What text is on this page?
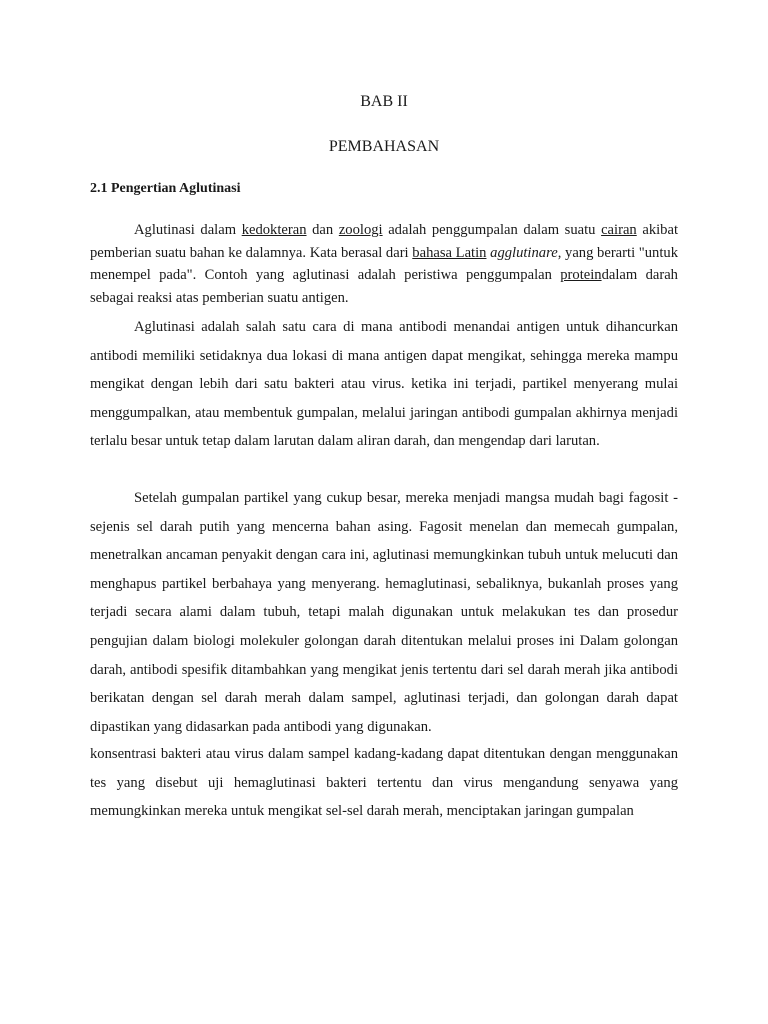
BAB II
PEMBAHASAN
2.1 Pengertian Aglutinasi

Aglutinasi dalam kedokteran dan zoologi adalah penggumpalan dalam suatu cairan akibat pemberian suatu bahan ke dalamnya. Kata berasal dari bahasa Latin agglutinare, yang berarti "untuk menempel pada". Contoh yang aglutinasi adalah peristiwa penggumpalan proteindalam darah sebagai reaksi atas pemberian suatu antigen.

Aglutinasi adalah salah satu cara di mana antibodi menandai antigen untuk dihancurkan antibodi memiliki setidaknya dua lokasi di mana antigen dapat mengikat, sehingga mereka mampu mengikat dengan lebih dari satu bakteri atau virus. ketika ini terjadi, partikel menyerang mulai menggumpalkan, atau membentuk gumpalan, melalui jaringan antibodi gumpalan akhirnya menjadi terlalu besar untuk tetap dalam larutan dalam aliran darah, dan mengendap dari larutan.

Setelah gumpalan partikel yang cukup besar, mereka menjadi mangsa mudah bagi fagosit - sejenis sel darah putih yang mencerna bahan asing. Fagosit menelan dan memecah gumpalan, menetralkan ancaman penyakit dengan cara ini, aglutinasi memungkinkan tubuh untuk melucuti dan menghapus partikel berbahaya yang menyerang. hemaglutinasi, sebaliknya, bukanlah proses yang terjadi secara alami dalam tubuh, tetapi malah digunakan untuk melakukan tes dan prosedur pengujian dalam biologi molekuler golongan darah ditentukan melalui proses ini Dalam golongan darah, antibodi spesifik ditambahkan yang mengikat jenis tertentu dari sel darah merah jika antibodi berikatan dengan sel darah merah dalam sampel, aglutinasi terjadi, dan golongan darah dapat dipastikan yang didasarkan pada antibodi yang digunakan.

konsentrasi bakteri atau virus dalam sampel kadang-kadang dapat ditentukan dengan menggunakan tes yang disebut uji hemaglutinasi bakteri tertentu dan virus mengandung senyawa yang memungkinkan mereka untuk mengikat sel-sel darah merah, menciptakan jaringan gumpalan
